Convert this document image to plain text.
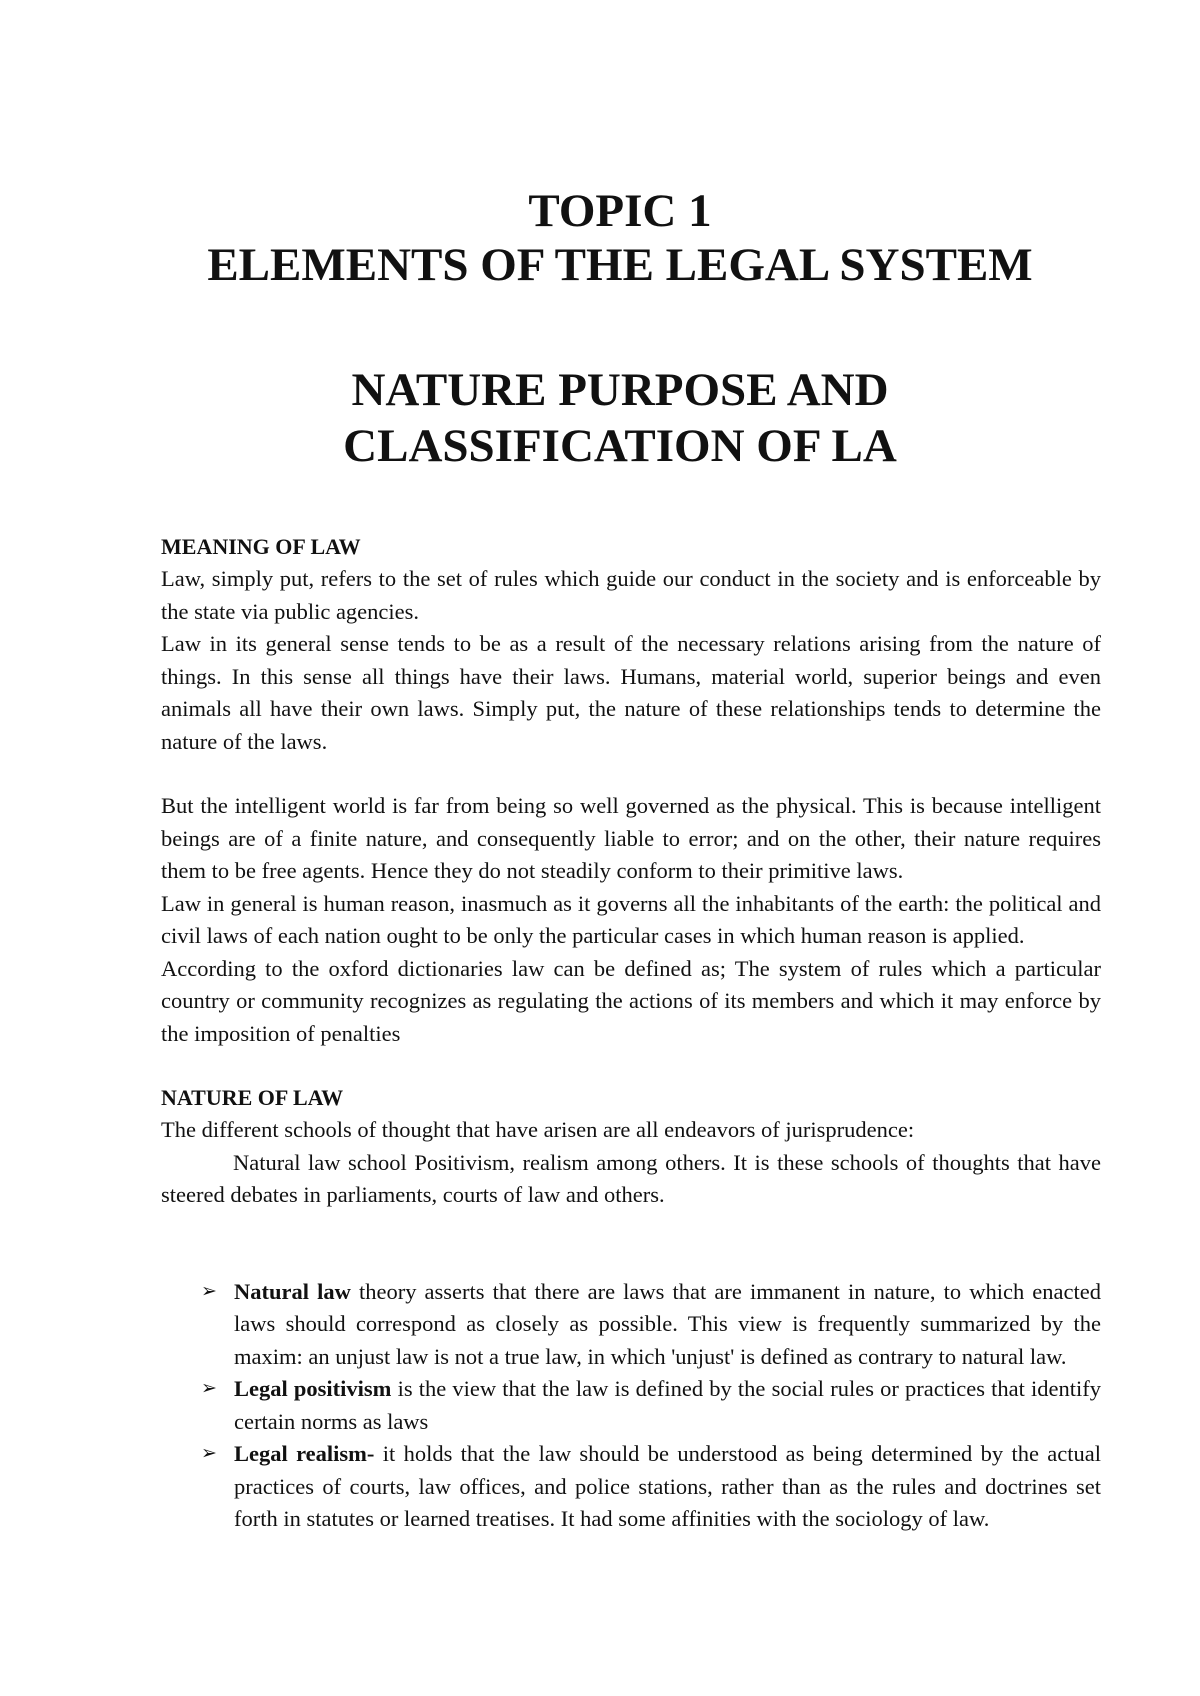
TOPIC 1
ELEMENTS OF THE LEGAL SYSTEM
NATURE PURPOSE AND
CLASSIFICATION OF LA

MEANING OF LAW

Law, simply put, refers to the set of rules which guide our conduct in the society and is enforceable by the state via public agencies.

Law in its general sense tends to be as a result of the necessary relations arising from the nature of things. In this sense all things have their laws. Humans, material world, superior beings and even animals all have their own laws. Simply put, the nature of these relationships tends to determine the nature of the laws.

But the intelligent world is far from being so well governed as the physical. This is because intelligent beings are of a finite nature, and consequently liable to error; and on the other, their nature requires them to be free agents. Hence they do not steadily conform to their primitive laws.

Law in general is human reason, inasmuch as it governs all the inhabitants of the earth: the political and civil laws of each nation ought to be only the particular cases in which human reason is applied.

According to the oxford dictionaries law can be defined as; The system of rules which a particular country or community recognizes as regulating the actions of its members and which it may enforce by the imposition of penalties

NATURE OF LAW

The different schools of thought that have arisen are all endeavors of jurisprudence:

Natural law school Positivism, realism among others. It is these schools of thoughts that have steered debates in parliaments, courts of law and others.

➢ Natural law theory asserts that there are laws that are immanent in nature, to which enacted laws should correspond as closely as possible. This view is frequently summarized by the maxim: an unjust law is not a true law, in which 'unjust' is defined as contrary to natural law.
➢ Legal positivism is the view that the law is defined by the social rules or practices that identify certain norms as laws
➢ Legal realism- it holds that the law should be understood as being determined by the actual practices of courts, law offices, and police stations, rather than as the rules and doctrines set forth in statutes or learned treatises. It had some affinities with the sociology of law.
